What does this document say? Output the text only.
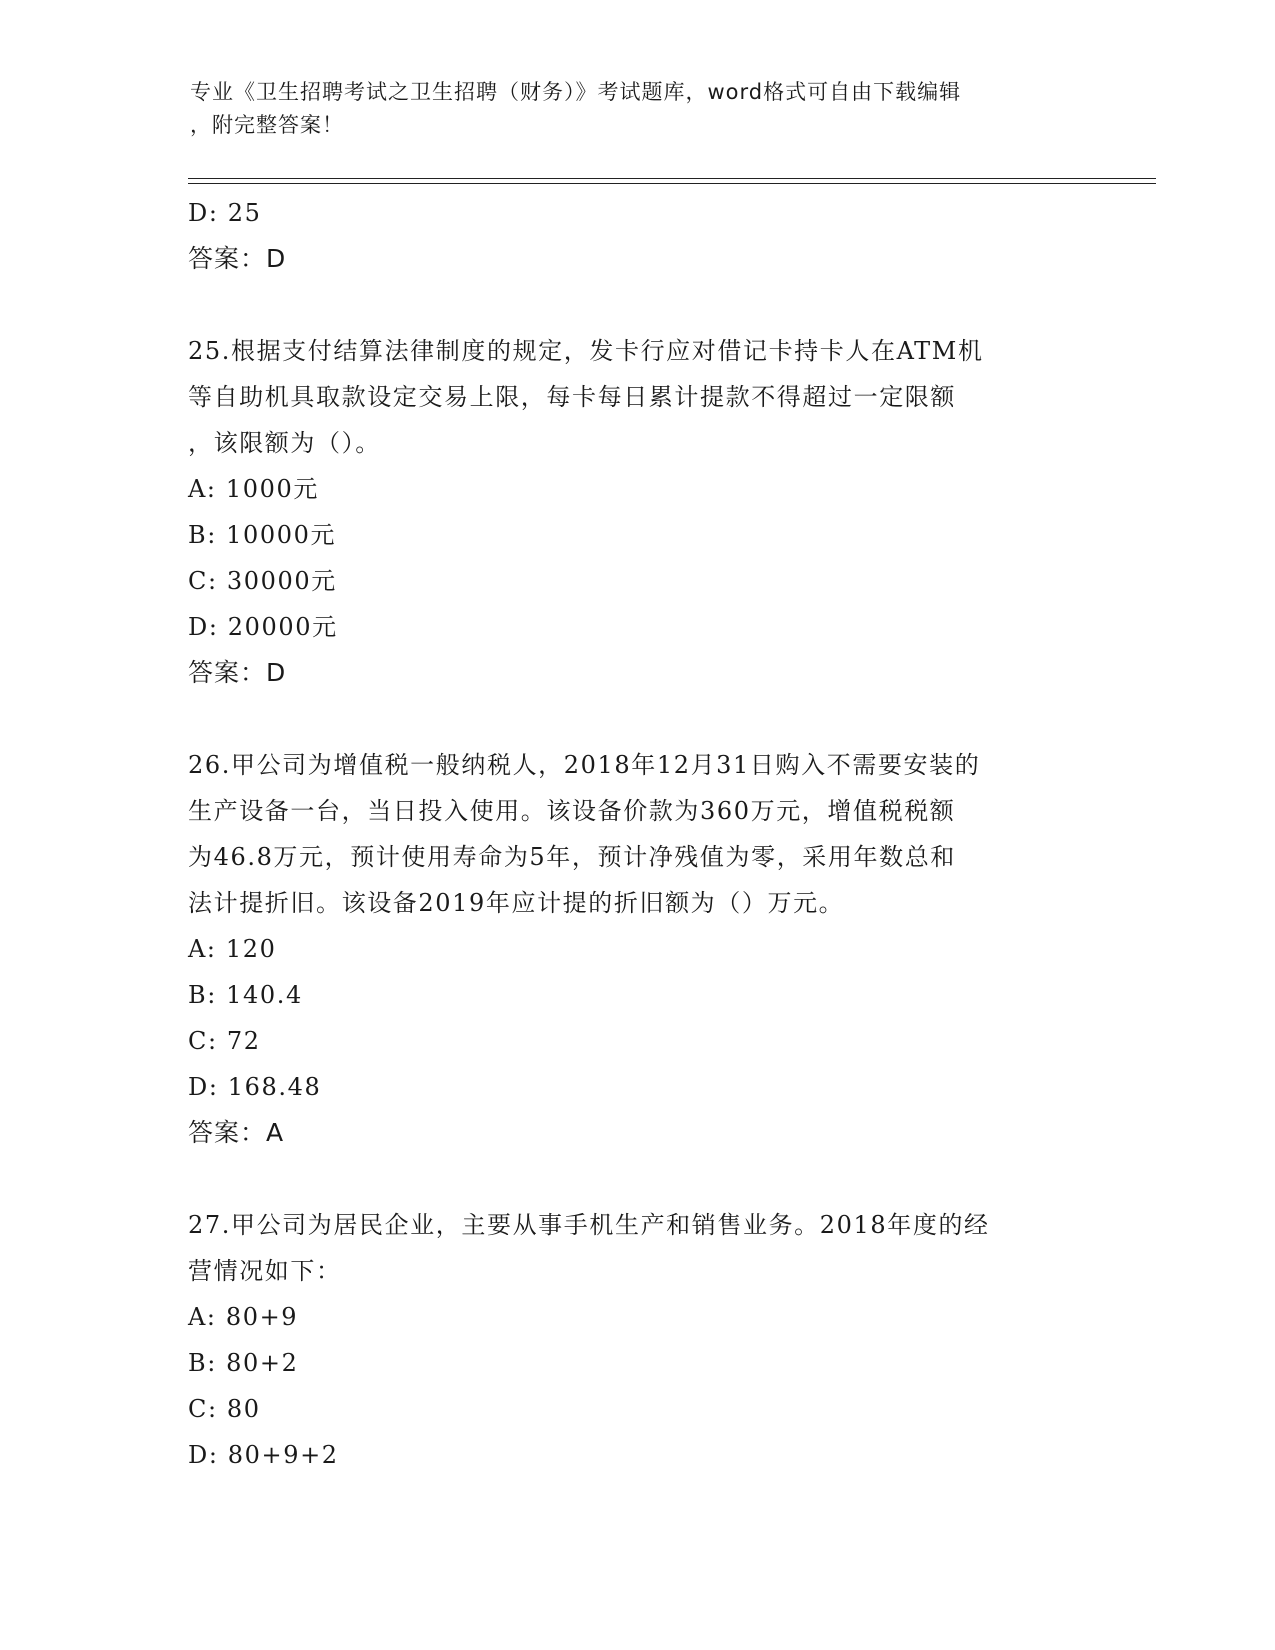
专业《卫生招聘考试之卫生招聘（财务）》考试题库，word格式可自由下载编辑
，附完整答案！
D: 25
答案：D
25.根据支付结算法律制度的规定，发卡行应对借记卡持卡人在ATM机
等自助机具取款设定交易上限，每卡每日累计提款不得超过一定限额
，该限额为（）。
A: 1000元
B: 10000元
C: 30000元
D: 20000元
答案：D
26.甲公司为增值税一般纳税人，2018年12月31日购入不需要安装的
生产设备一台，当日投入使用。该设备价款为360万元，增值税税额
为46.8万元，预计使用寿命为5年，预计净残值为零，采用年数总和
法计提折旧。该设备2019年应计提的折旧额为（）万元。
A: 120
B: 140.4
C: 72
D: 168.48
答案：A
27.甲公司为居民企业，主要从事手机生产和销售业务。2018年度的经
营情况如下：
A: 80+9
B: 80+2
C: 80
D: 80+9+2
